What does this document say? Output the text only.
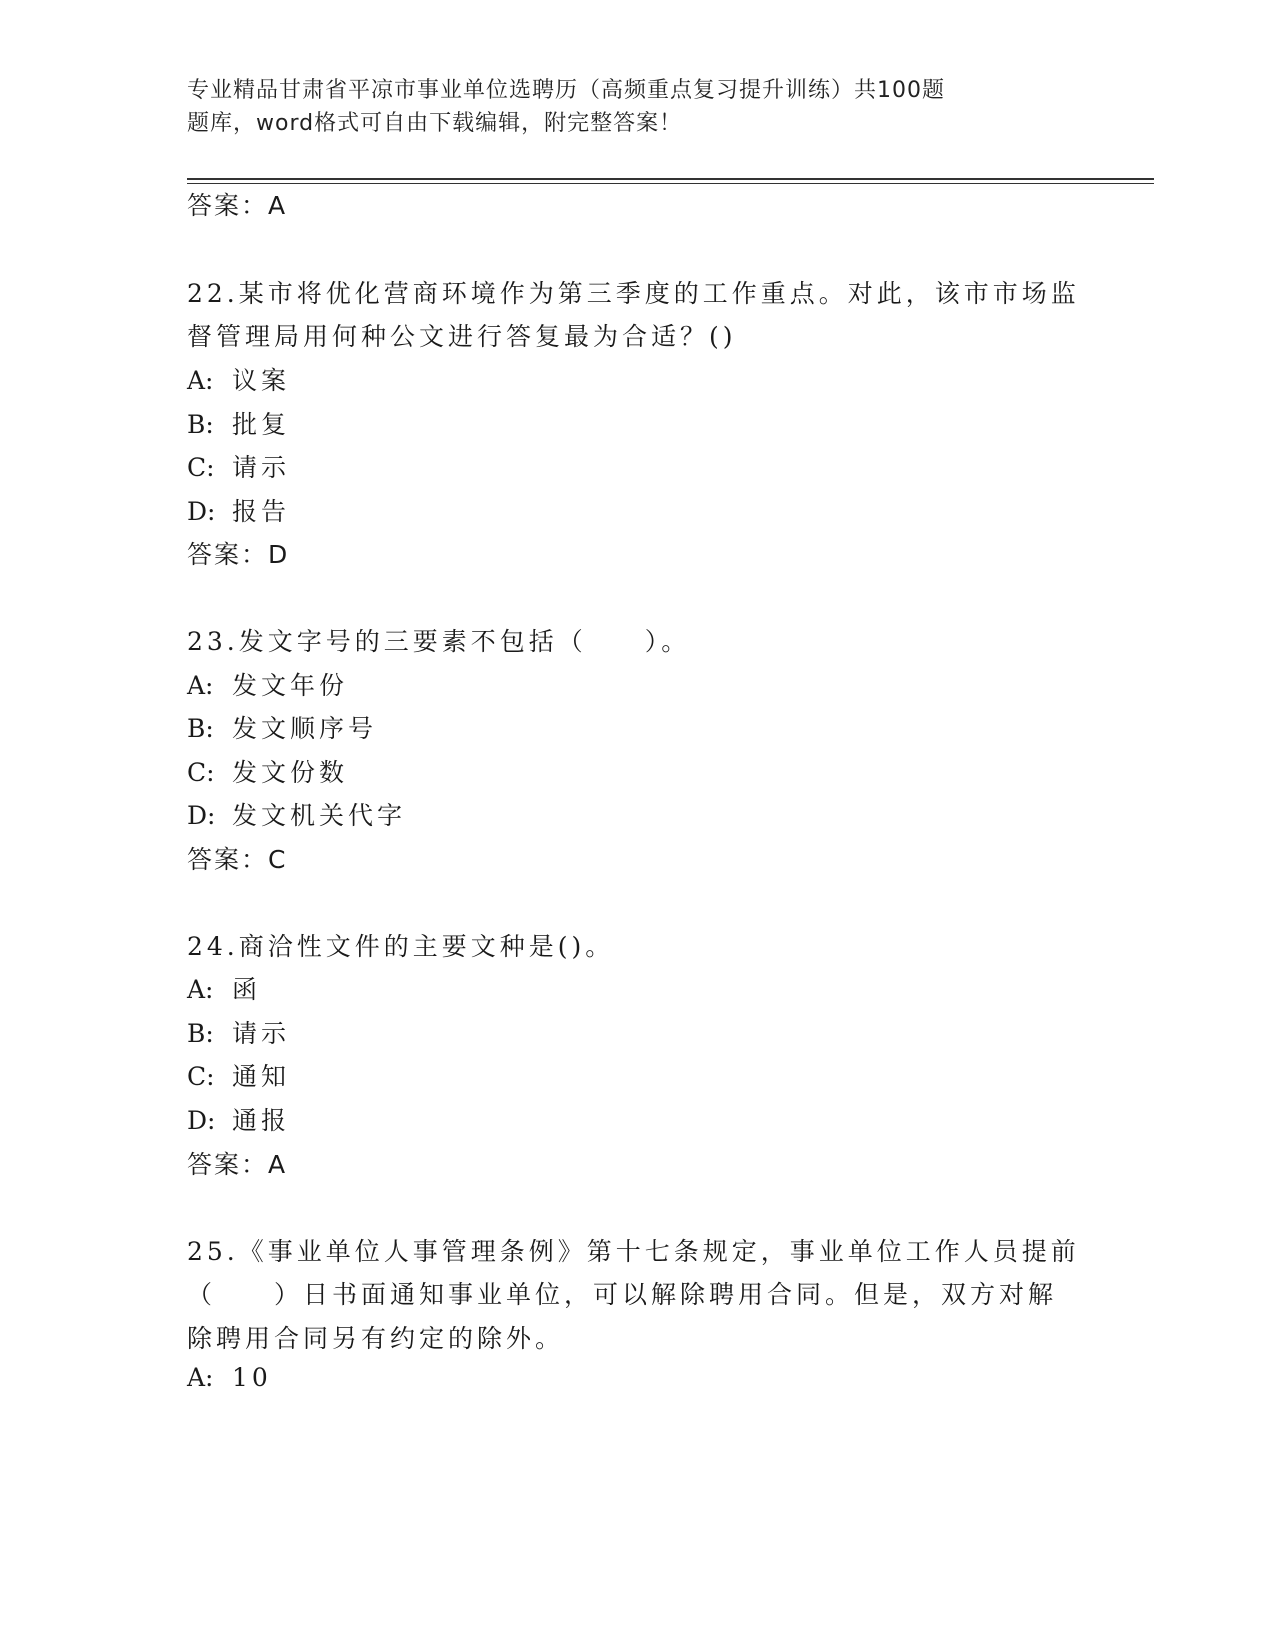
专业精品甘肃省平凉市事业单位选聘历（高频重点复习提升训练）共100题
题库，word格式可自由下载编辑，附完整答案！
答案：A
22.某市将优化营商环境作为第三季度的工作重点。对此，该市市场监
督管理局用何种公文进行答复最为合适？()
A: 议案
B: 批复
C: 请示
D: 报告
答案：D
23.发文字号的三要素不包括（　　）。
A: 发文年份
B: 发文顺序号
C: 发文份数
D: 发文机关代字
答案：C
24.商洽性文件的主要文种是()。
A: 函
B: 请示
C: 通知
D: 通报
答案：A
25.《事业单位人事管理条例》第十七条规定，事业单位工作人员提前
（　　）日书面通知事业单位，可以解除聘用合同。但是，双方对解
除聘用合同另有约定的除外。
A: 10
